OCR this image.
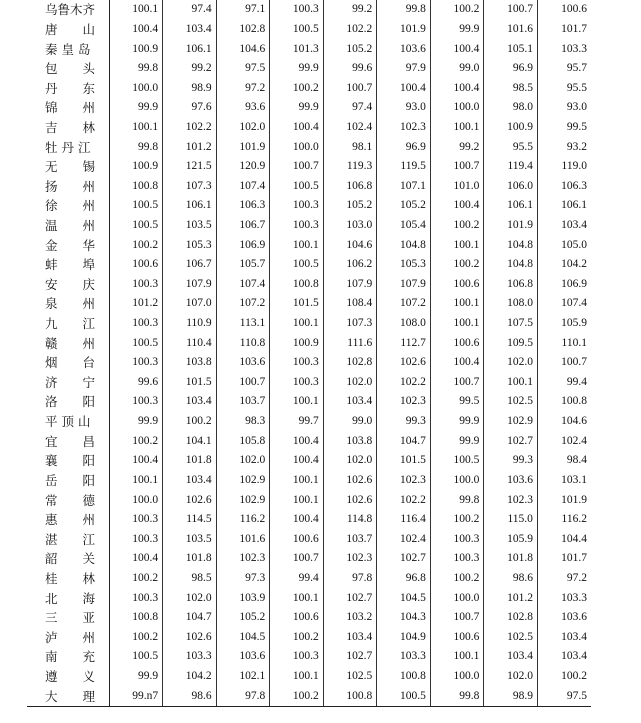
乌鲁木齐	100.1	97.4	97.1	100.3	99.2	99.8	100.2	100.7	100.6

唐　　山	100.4	103.4	102.8	100.5	102.2	101.9	99.9	101.6	101.7

秦 皇 岛	100.9	106.1	104.6	101.3	105.2	103.6	100.4	105.1	103.3

包　　头	99.8	99.2	97.5	99.9	99.6	97.9	99.0	96.9	95.7

丹　　东	100.0	98.9	97.2	100.2	100.7	100.4	100.4	98.5	95.5

锦　　州	99.9	97.6	93.6	99.9	97.4	93.0	100.0	98.0	93.0

吉　　林	100.1	102.2	102.0	100.4	102.4	102.3	100.1	100.9	99.5

牡 丹 江	99.8	101.2	101.9	100.0	98.1	96.9	99.2	95.5	93.2

无　　锡	100.9	121.5	120.9	100.7	119.3	119.5	100.7	119.4	119.0

扬　　州	100.8	107.3	107.4	100.5	106.8	107.1	101.0	106.0	106.3

徐　　州	100.5	106.1	106.3	100.3	105.2	105.2	100.4	106.1	106.1

温　　州	100.5	103.5	106.7	100.3	103.0	105.4	100.2	101.9	103.4

金　　华	100.2	105.3	106.9	100.1	104.6	104.8	100.1	104.8	105.0

蚌　　埠	100.6	106.7	105.7	100.5	106.2	105.3	100.2	104.8	104.2

安　　庆	100.3	107.9	107.4	100.8	107.9	107.9	100.6	106.8	106.9

泉　　州	101.2	107.0	107.2	101.5	108.4	107.2	100.1	108.0	107.4

九　　江	100.3	110.9	113.1	100.1	107.3	108.0	100.1	107.5	105.9

赣　　州	100.5	110.4	110.8	100.9	111.6	112.7	100.6	109.5	110.1

烟　　台	100.3	103.8	103.6	100.3	102.8	102.6	100.4	102.0	100.7

济　　宁	99.6	101.5	100.7	100.3	102.0	102.2	100.7	100.1	99.4

洛　　阳	100.3	103.4	103.7	100.1	103.4	102.3	99.5	102.5	100.8

平 顶 山	99.9	100.2	98.3	99.7	99.0	99.3	99.9	102.9	104.6

宜　　昌	100.2	104.1	105.8	100.4	103.8	104.7	99.9	102.7	102.4

襄　　阳	100.4	101.8	102.0	100.4	102.0	101.5	100.5	99.3	98.4

岳　　阳	100.1	103.4	102.9	100.1	102.6	102.3	100.0	103.6	103.1

常　　德	100.0	102.6	102.9	100.1	102.6	102.2	99.8	102.3	101.9

惠　　州	100.3	114.5	116.2	100.4	114.8	116.4	100.2	115.0	116.2

湛　　江	100.3	103.5	101.6	100.6	103.7	102.4	100.3	105.9	104.4

韶　　关	100.4	101.8	102.3	100.7	102.3	102.7	100.3	101.8	101.7

桂　　林	100.2	98.5	97.3	99.4	97.8	96.8	100.2	98.6	97.2

北　　海	100.3	102.0	103.9	100.1	102.7	104.5	100.0	101.2	103.3

三　　亚	100.8	104.7	105.2	100.6	103.2	104.3	100.7	102.8	103.6

泸　　州	100.2	102.6	104.5	100.2	103.4	104.9	100.6	102.5	103.4

南　　充	100.5	103.3	103.6	100.3	102.7	103.3	100.1	103.4	103.4

遵　　义	99.9	104.2	102.1	100.1	102.5	100.8	100.0	102.0	100.2

大　　理	99.n7	98.6	97.8	100.2	100.8	100.5	99.8	98.9	97.5
